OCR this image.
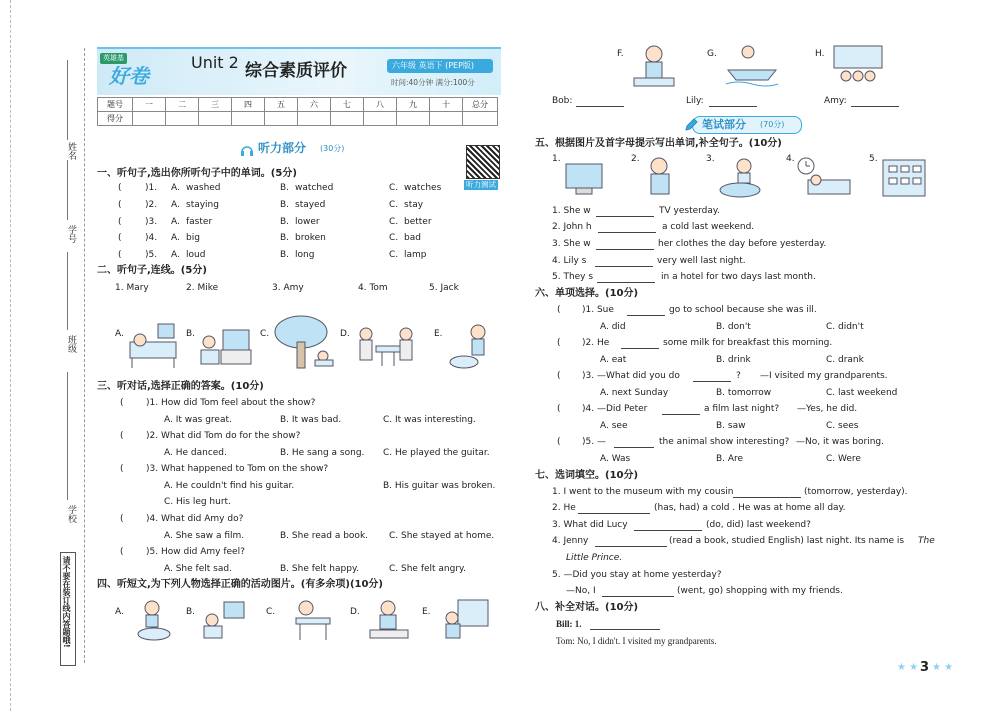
姓名
学号
班级
学校
请不要在装订线内答题哦!
英雄基
好卷
Unit 2 综合素质评价	六年级 英语下 (PEP版)
时间:40分钟 满分:100分
题号	一	二	三	四	五	六	七	八	九	十	总分
得分											
听力部分 (30分)
听力测试
一、听句子,选出你所听句子中的单词。(5分)
(	)1. A. washed	B. watched	C. watches
(	)2. A. staying	B. stayed	C. stay
(	)3. A. faster	B. lower	C. better
(	)4. A. big	B. broken	C. bad
(	)5. A. loud	B. long	C. lamp
二、听句子,连线。(5分)
1. Mary	2. Mike	3. Amy	4. Tom	5. Jack
A.	B.	C.	D.	E.
三、听对话,选择正确的答案。(10分)
( )1. How did Tom feel about the show?
A. It was great.	B. It was bad.	C. It was interesting.
( )2. What did Tom do for the show?
A. He danced.	B. He sang a song. C. He played the guitar.
( )3. What happened to Tom on the show?
A. He couldn't find his guitar.	B. His guitar was broken.
C. His leg hurt.
( )4. What did Amy do?
A. She saw a film.	B. She read a book. C. She stayed at home.
( )5. How did Amy feel?
A. She felt sad.	B. She felt happy.	C. She felt angry.
四、听短文,为下列人物选择正确的活动图片。(有多余项)(10分)
A.	B.	C.	D.	E.
F.	G.	H.
Bob:	Lily:	Amy:
笔试部分 (70分)
五、根据图片及首字母提示写出单词,补全句子。(10分)
1.	2.	3.	4.	5.
1. She w	TV yesterday.
2. John h	a cold last weekend.
3. She w	her clothes the day before yesterday.
4. Lily s	very well last night.
5. They s	in a hotel for two days last month.
六、单项选择。(10分)
( )1. Sue	go to school because she was ill.
A. did	B. don't	C. didn't
( )2. He	some milk for breakfast this morning.
A. eat	B. drink	C. drank
( )3. —What did you do	? —I visited my grandparents.
A. next Sunday	B. tomorrow	C. last weekend
( )4. —Did Peter	a film last night? —Yes, he did.
A. see	B. saw	C. sees
( )5. —	the animal show interesting? —No, it was boring.
A. Was	B. Are	C. Were
七、选词填空。(10分)
1. I went to the museum with my cousin	(tomorrow, yesterday).
2. He	(has, had) a cold . He was at home all day.
3. What did Lucy	(do, did) last weekend?
4. Jenny	(read a book, studied English) last night. Its name is The
Little Prince.
5. —Did you stay at home yesterday?
—No, I	(went, go) shopping with my friends.
八、补全对话。(10分)
Bill: 1.
Tom: No, I didn't. I visited my grandparents.
★ ★ 3 ★ ★
